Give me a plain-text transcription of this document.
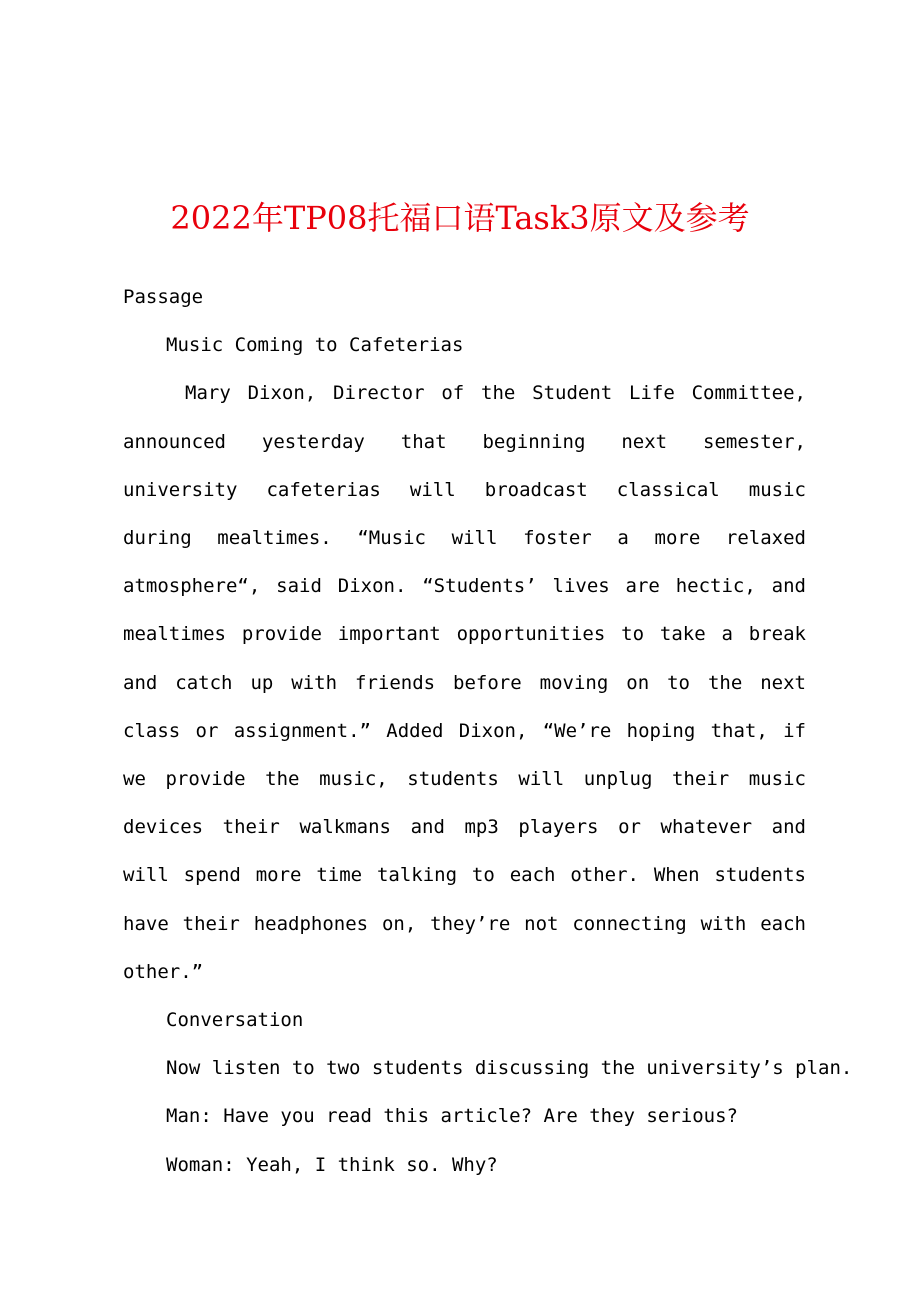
2022年TP08托福口语Task3原文及参考

Passage

Music Coming to Cafeterias

Mary Dixon, Director of the Student Life Committee, announced yesterday that beginning next semester, university cafeterias will broadcast classical music during mealtimes. “Music will foster a more relaxed atmosphere“, said Dixon. “Students’ lives are hectic, and mealtimes provide important opportunities to take a break and catch up with friends before moving on to the next class or assignment.” Added Dixon, “We’re hoping that, if we provide the music, students will unplug their music devices their walkmans and mp3 players or whatever and will spend more time talking to each other. When students have their headphones on, they’re not connecting with each other.”

Conversation

Now listen to two students discussing the university’s plan.

Man: Have you read this article? Are they serious?

Woman: Yeah, I think so. Why?
